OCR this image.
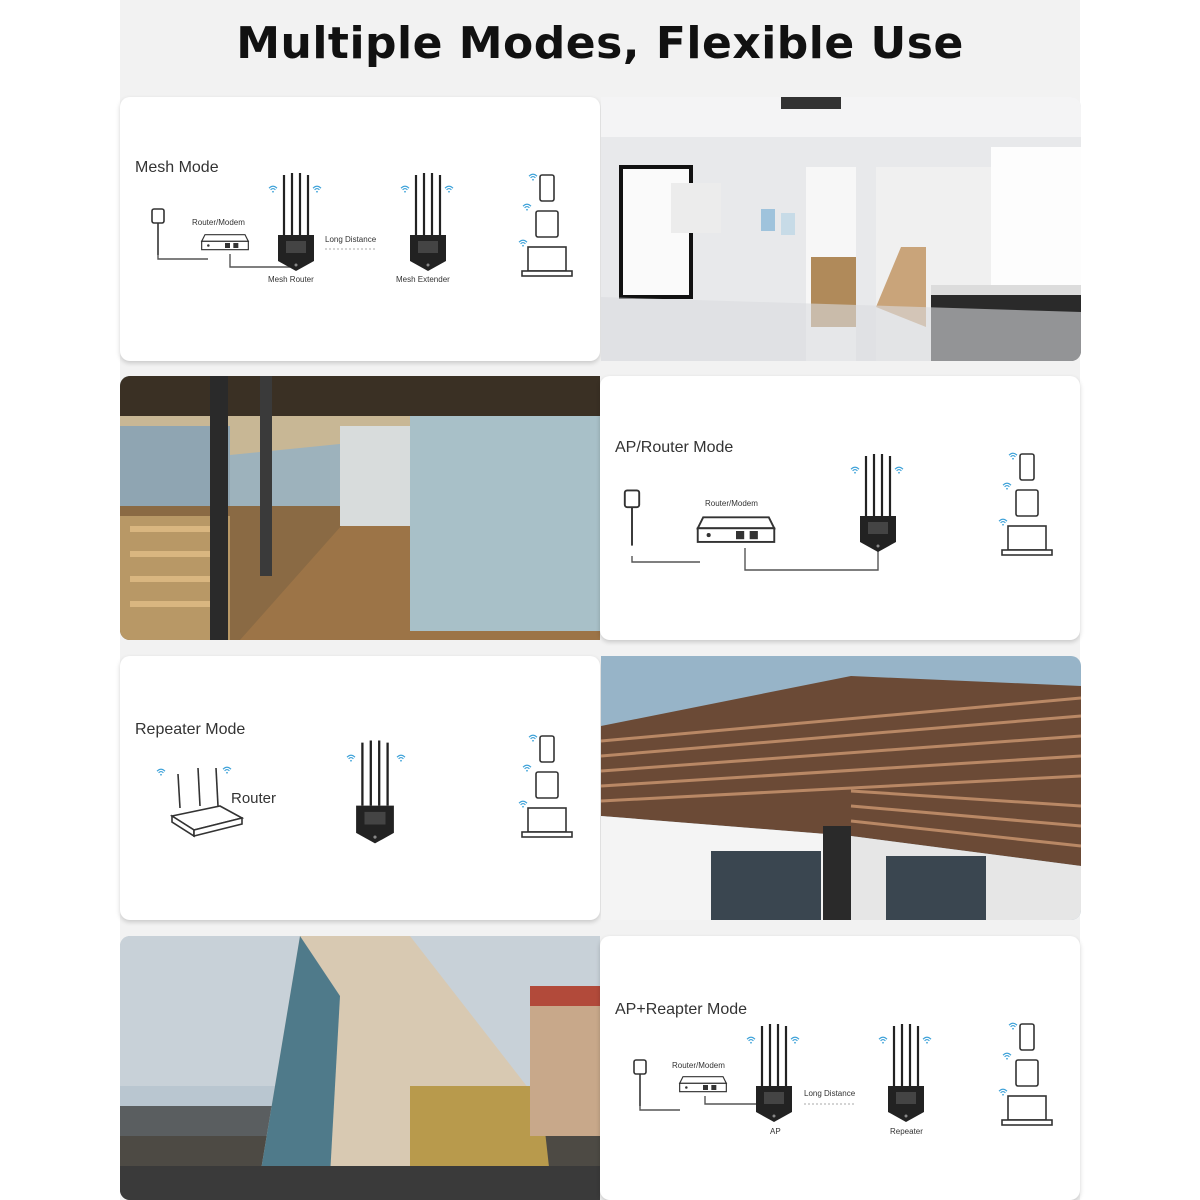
Multiple Modes, Flexible Use
Mesh Mode
Router/Modem
Mesh Router
Long Distance
Mesh Extender
AP/Router Mode
Router/Modem
Repeater Mode
Router
AP+Reapter Mode
Router/Modem
AP
Long Distance
Repeater
